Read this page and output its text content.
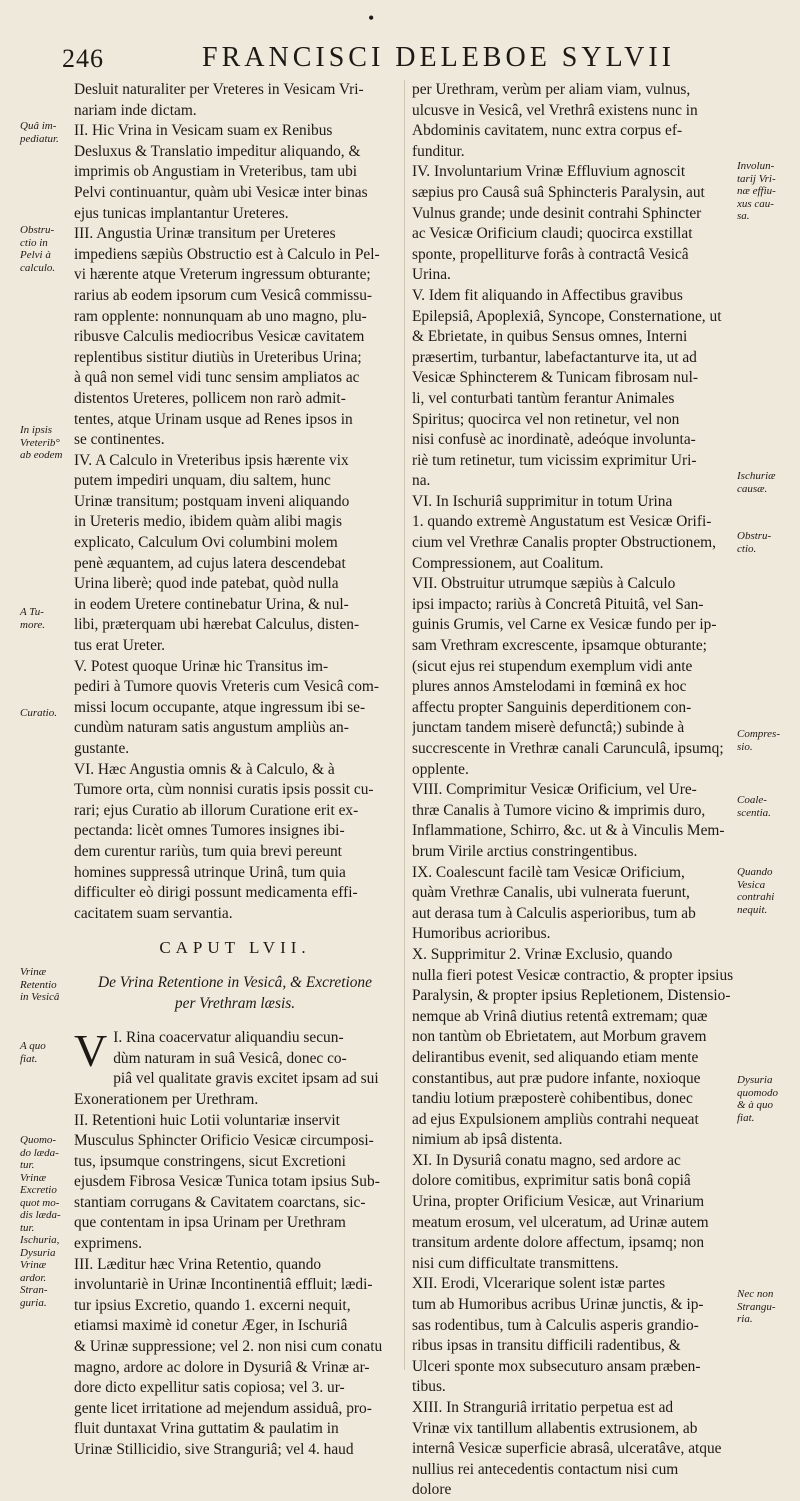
•
246	FRANCISCI DELEBOE SYLVII
Desluit naturaliter per Vreteres in Vesicam Vri-
nariam inde dictam.
II. Hic Vrina in Vesicam suam ex Renibus
Desluxus & Translatio impeditur aliquando, &
imprimis ob Angustiam in Vreteribus, tam ubi
Pelvi continuantur, quàm ubi Vesicæ inter binas
ejus tunicas implantantur Ureteres.
III. Angustia Urinæ transitum per Ureteres
impediens sæpiùs Obstructio est à Calculo in Pel-
vi hærente atque Vreterum ingressum obturante;
rarius ab eodem ipsorum cum Vesicâ commissu-
ram opplente: nonnunquam ab uno magno, plu-
ribusve Calculis mediocribus Vesicæ cavitatem
replentibus sistitur diutiùs in Ureteribus Urina;
à quâ non semel vidi tunc sensim ampliatos ac
distentos Ureteres, pollicem non rarò admit-
tentes, atque Urinam usque ad Renes ipsos in
se continentes.
IV. A Calculo in Vreteribus ipsis hærente vix
putem impediri unquam, diu saltem, hunc
Urinæ transitum; postquam inveni aliquando
in Ureteris medio, ibidem quàm alibi magis
explicato, Calculum Ovi columbini molem
penè æquantem, ad cujus latera descendebat
Urina liberè; quod inde patebat, quòd nulla
in eodem Uretere continebatur Urina, & nul-
libi, præterquam ubi hærebat Calculus, disten-
tus erat Ureter.
V. Potest quoque Urinæ hic Transitus im-
pediri à Tumore quovis Vreteris cum Vesicâ com-
missi locum occupante, atque ingressum ibi se-
cundùm naturam satis angustum ampliùs an-
gustante.
VI. Hæc Angustia omnis & à Calculo, & à
Tumore orta, cùm nonnisi curatis ipsis possit cu-
rari; ejus Curatio ab illorum Curatione erit ex-
pectanda: licèt omnes Tumores insignes ibi-
dem curentur rariùs, tum quia brevi pereunt
homines suppressâ utrinque Urinâ, tum quia
difficulter eò dirigi possunt medicamenta effi-
cacitatem suam servantia.
CAPUT LVII.
De Vrina Retentione in Vesicâ, & Excretione
per Vrethram læsis.
V I. Rina coacervatur aliquandiu secun-
dùm naturam in suâ Vesicâ, donec co-
piâ vel qualitate gravis excitet ipsam ad sui
Exonerationem per Urethram.
II. Retentioni huic Lotii voluntariæ inservit
Musculus Sphincter Orificio Vesicæ circumposi-
tus, ipsumque constringens, sicut Excretioni
ejusdem Fibrosa Vesicæ Tunica totam ipsius Sub-
stantiam corrugans & Cavitatem coarctans, sic-
que contentam in ipsa Urinam per Urethram
exprimens.
III. Læditur hæc Vrina Retentio, quando
involuntariè in Urinæ Incontinentiâ effluit; lædi-
tur ipsius Excretio, quando 1. excerni nequit,
etiamsi maximè id conetur Æger, in Ischuriâ
& Urinæ suppressione; vel 2. non nisi cum conatu
magno, ardore ac dolore in Dysuriâ & Vrinæ ar-
dore dicto expellitur satis copiosa; vel 3. ur-
gente licet irritatione ad mejendum assiduâ, pro-
fluit duntaxat Vrina guttatim & paulatim in
Urinæ Stillicidio, sive Stranguriâ; vel 4. haud
per Urethram, verùm per aliam viam, vulnus,
ulcusve in Vesicâ, vel Vrethrâ existens nunc in
Abdominis cavitatem, nunc extra corpus ef-
funditur.
IV. Involuntarium Vrinæ Effluvium agnoscit
sæpius pro Causâ suâ Sphincteris Paralysin, aut
Vulnus grande; unde desinit contrahi Sphincter
ac Vesicæ Orificium claudi; quocirca exstillat
sponte, propelliturve forâs à contractâ Vesicâ
Urina.
V. Idem fit aliquando in Affectibus gravibus
Epilepsiâ, Apoplexiâ, Syncope, Consternatione, ut
& Ebrietate, in quibus Sensus omnes, Interni
præsertim, turbantur, labefactanturve ita, ut ad
Vesicæ Sphincterem & Tunicam fibrosam nul-
li, vel conturbati tantùm ferantur Animales
Spiritus; quocirca vel non retinetur, vel non
nisi confusè ac inordinatè, adeóque involunta-
riè tum retinetur, tum vicissim exprimitur Uri-
na.
VI. In Ischuriâ supprimitur in totum Urina
1. quando extremè Angustatum est Vesicæ Orifi-
cium vel Vrethræ Canalis propter Obstructionem,
Compressionem, aut Coalitum.
VII. Obstruitur utrumque sæpiùs à Calculo
ipsi impacto; rariùs à Concretâ Pituitâ, vel San-
guinis Grumis, vel Carne ex Vesicæ fundo per ip-
sam Vrethram excrescente, ipsamque obturante;
(sicut ejus rei stupendum exemplum vidi ante
plures annos Amstelodami in fœminâ ex hoc
affectu propter Sanguinis deperditionem con-
junctam tandem miserè defunctâ;) subinde à
succrescente in Vrethræ canali Carunculâ, ipsumq;
opplente.
VIII. Comprimitur Vesicæ Orificium, vel Ure-
thræ Canalis à Tumore vicino & imprimis duro,
Inflammatione, Schirro, &c. ut & à Vinculis Mem-
brum Virile arctius constringentibus.
IX. Coalescunt facilè tam Vesicæ Orificium,
quàm Vrethræ Canalis, ubi vulnerata fuerunt,
aut derasa tum à Calculis asperioribus, tum ab
Humoribus acrioribus.
X. Supprimitur 2. Vrinæ Exclusio, quando
nulla fieri potest Vesicæ contractio, & propter ipsius
Paralysin, & propter ipsius Repletionem, Distensio-
nemque ab Vrinâ diutius retentâ extremam; quæ
non tantùm ob Ebrietatem, aut Morbum gravem
delirantibus evenit, sed aliquando etiam mente
constantibus, aut præ pudore infante, noxioque
tandiu lotium præposterè cohibentibus, donec
ad ejus Expulsionem ampliùs contrahi nequeat
nimium ab ipsâ distenta.
XI. In Dysuriâ conatu magno, sed ardore ac
dolore comitibus, exprimitur satis bonâ copiâ
Urina, propter Orificium Vesicæ, aut Vrinarium
meatum erosum, vel ulceratum, ad Urinæ autem
transitum ardente dolore affectum, ipsamq; non
nisi cum difficultate transmittens.
XII. Erodi, Vlcerarique solent istæ partes
tum ab Humoribus acribus Urinæ junctis, & ip-
sas rodentibus, tum à Calculis asperis grandio-
ribus ipsas in transitu difficili radentibus, &
Ulceri sponte mox subsecuturo ansam præben-
tibus.
XIII. In Stranguriâ irritatio perpetua est ad
Vrinæ vix tantillum allabentis extrusionem, ab
internâ Vesicæ superficie abrasâ, ulceratâve, atque
nullius rei antecedentis contactum nisi cum
dolore
Quâ im-
pediatur.
Obstru-
ctio in
Pelvi à
calculo.
In ipsis
Vreterib°
ab eodem
A Tu-
more.
Curatio.
Vrinæ
Retentio
in Vesicâ
A quo
fiat.
Quomo-
do læda-
tur.
Vrinæ
Excretio
quot mo-
dis læda-
tur.
Ischuria,
Dysuria
Vrinæ
ardor.
Stran-
guria.
Involun-
tarij Vri-
næ effiu-
xus cau-
sa.
Ischuriæ
causæ.
Obstru-
ctio.
Compres-
sio.
Coale-
scentia.
Quando
Vesica
contrahi
nequit.
Dysuria
quomodo
& à quo
fiat.
Nec non
Strangu-
ria.
